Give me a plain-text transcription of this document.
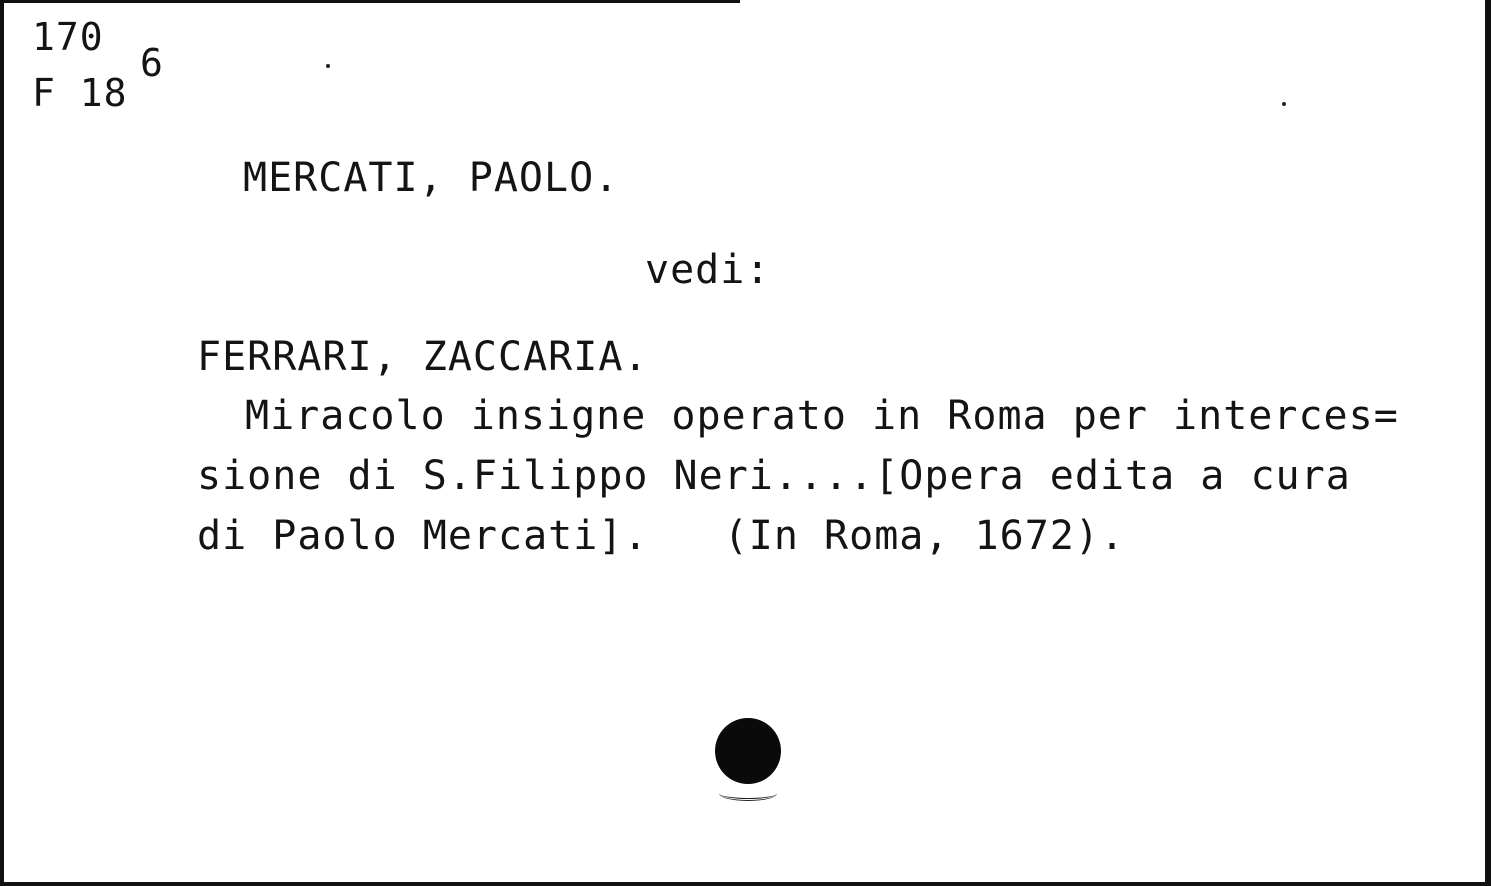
170
F 18
6
MERCATI, PAOLO.
vedi:
FERRARI, ZACCARIA.
Miracolo insigne operato in Roma per interces=
sione di S.Filippo Neri....[Opera edita a cura
di Paolo Mercati].   (In Roma, 1672).
